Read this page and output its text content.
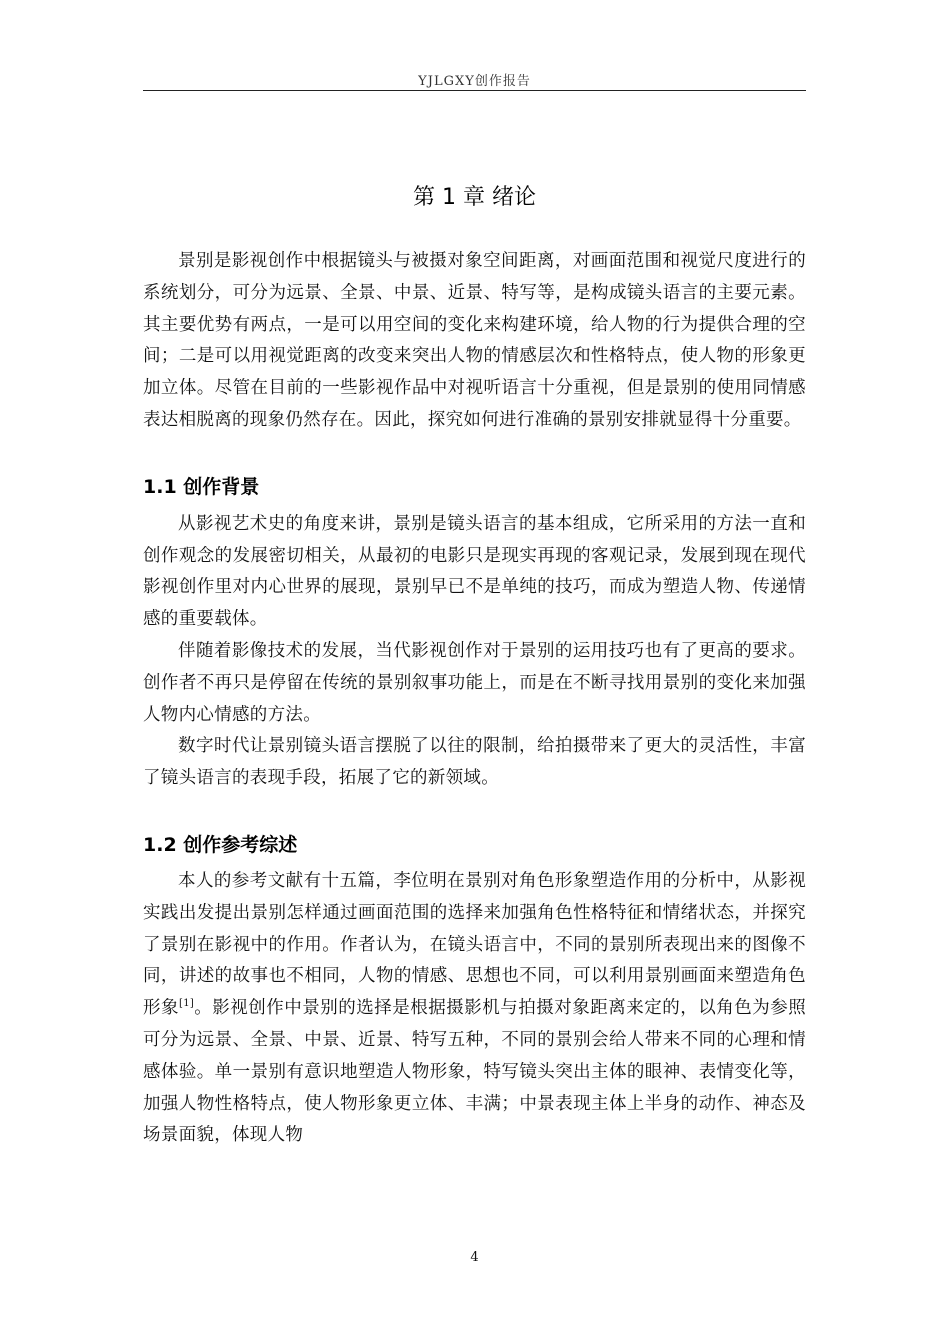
YJLGXY创作报告
第 1 章 绪论

景别是影视创作中根据镜头与被摄对象空间距离，对画面范围和视觉尺度进行的系统划分，可分为远景、全景、中景、近景、特写等，是构成镜头语言的主要元素。其主要优势有两点，一是可以用空间的变化来构建环境，给人物的行为提供合理的空间；二是可以用视觉距离的改变来突出人物的情感层次和性格特点，使人物的形象更加立体。尽管在目前的一些影视作品中对视听语言十分重视，但是景别的使用同情感表达相脱离的现象仍然存在。因此，探究如何进行准确的景别安排就显得十分重要。

1.1 创作背景

从影视艺术史的角度来讲，景别是镜头语言的基本组成，它所采用的方法一直和创作观念的发展密切相关，从最初的电影只是现实再现的客观记录，发展到现在现代影视创作里对内心世界的展现，景别早已不是单纯的技巧，而成为塑造人物、传递情感的重要载体。

伴随着影像技术的发展，当代影视创作对于景别的运用技巧也有了更高的要求。创作者不再只是停留在传统的景别叙事功能上，而是在不断寻找用景别的变化来加强人物内心情感的方法。

数字时代让景别镜头语言摆脱了以往的限制，给拍摄带来了更大的灵活性，丰富了镜头语言的表现手段，拓展了它的新领域。

1.2 创作参考综述

本人的参考文献有十五篇，李位明在景别对角色形象塑造作用的分析中，从影视实践出发提出景别怎样通过画面范围的选择来加强角色性格特征和情绪状态，并探究了景别在影视中的作用。作者认为，在镜头语言中，不同的景别所表现出来的图像不同，讲述的故事也不相同，人物的情感、思想也不同，可以利用景别画面来塑造角色形象[1]。影视创作中景别的选择是根据摄影机与拍摄对象距离来定的，以角色为参照可分为远景、全景、中景、近景、特写五种，不同的景别会给人带来不同的心理和情感体验。单一景别有意识地塑造人物形象，特写镜头突出主体的眼神、表情变化等，加强人物性格特点，使人物形象更立体、丰满；中景表现主体上半身的动作、神态及场景面貌，体现人物

4
